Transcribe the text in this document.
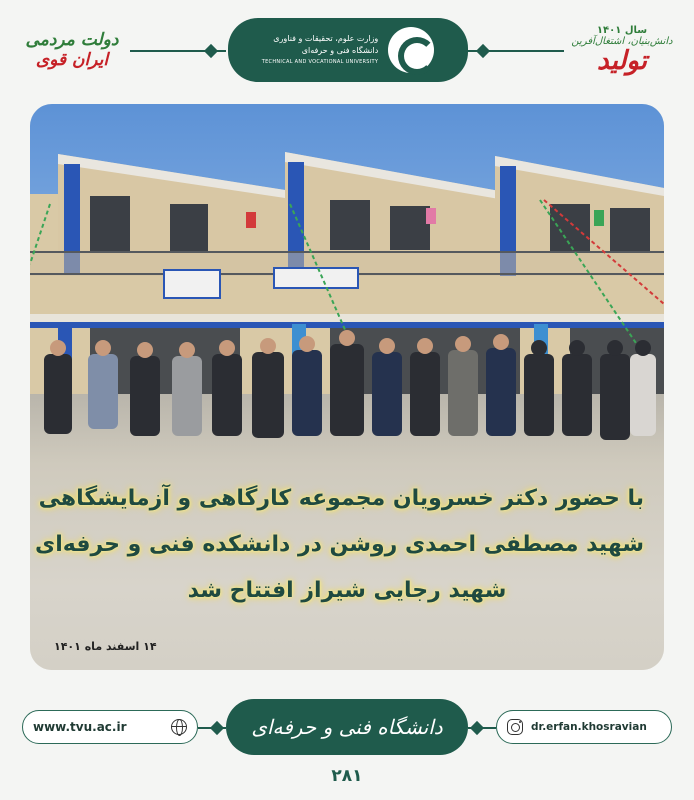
دولت مردمی
ایران قوی
وزارت علوم، تحقیقات و فناوری
دانشگاه فنی و حرفه‌ای
TECHNICAL AND VOCATIONAL UNIVERSITY
سال ۱۴۰۱
دانش‌بنیان، اشتغال‌آفرین
تولید
با حضور دکتر خسرویان مجموعه کارگاهی و آزمایشگاهی
شهید مصطفی احمدی روشن در دانشکده فنی و حرفه‌ای
شهید رجایی شیراز افتتاح شد
۱۴ اسفند ماه ۱۴۰۱
www.tvu.ac.ir	دانشگاه فنی و حرفه‌ای	dr.erfan.khosravian
۲۸۱
